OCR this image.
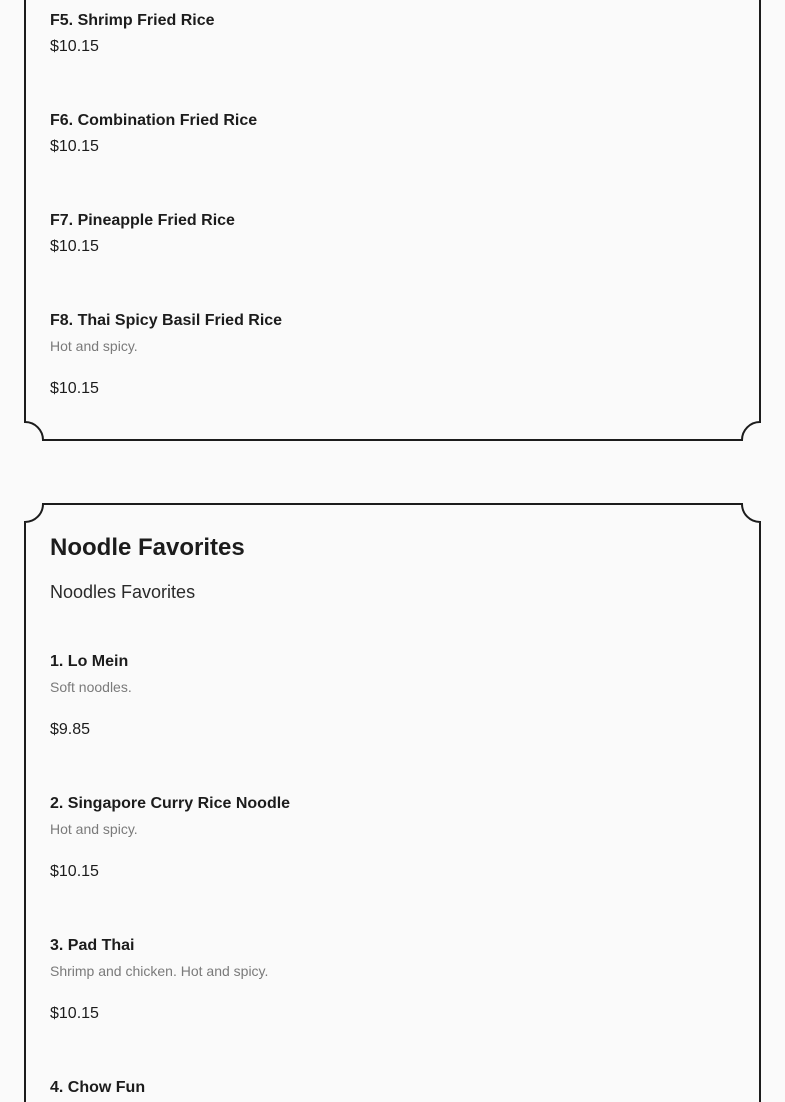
F5. Shrimp Fried Rice
$10.15
F6. Combination Fried Rice
$10.15
F7. Pineapple Fried Rice
$10.15
F8. Thai Spicy Basil Fried Rice
Hot and spicy.
$10.15
Noodle Favorites

Noodles Favorites

1. Lo Mein
Soft noodles.
$9.85
2. Singapore Curry Rice Noodle
Hot and spicy.
$10.15
3. Pad Thai
Shrimp and chicken. Hot and spicy.
$10.15
4. Chow Fun
